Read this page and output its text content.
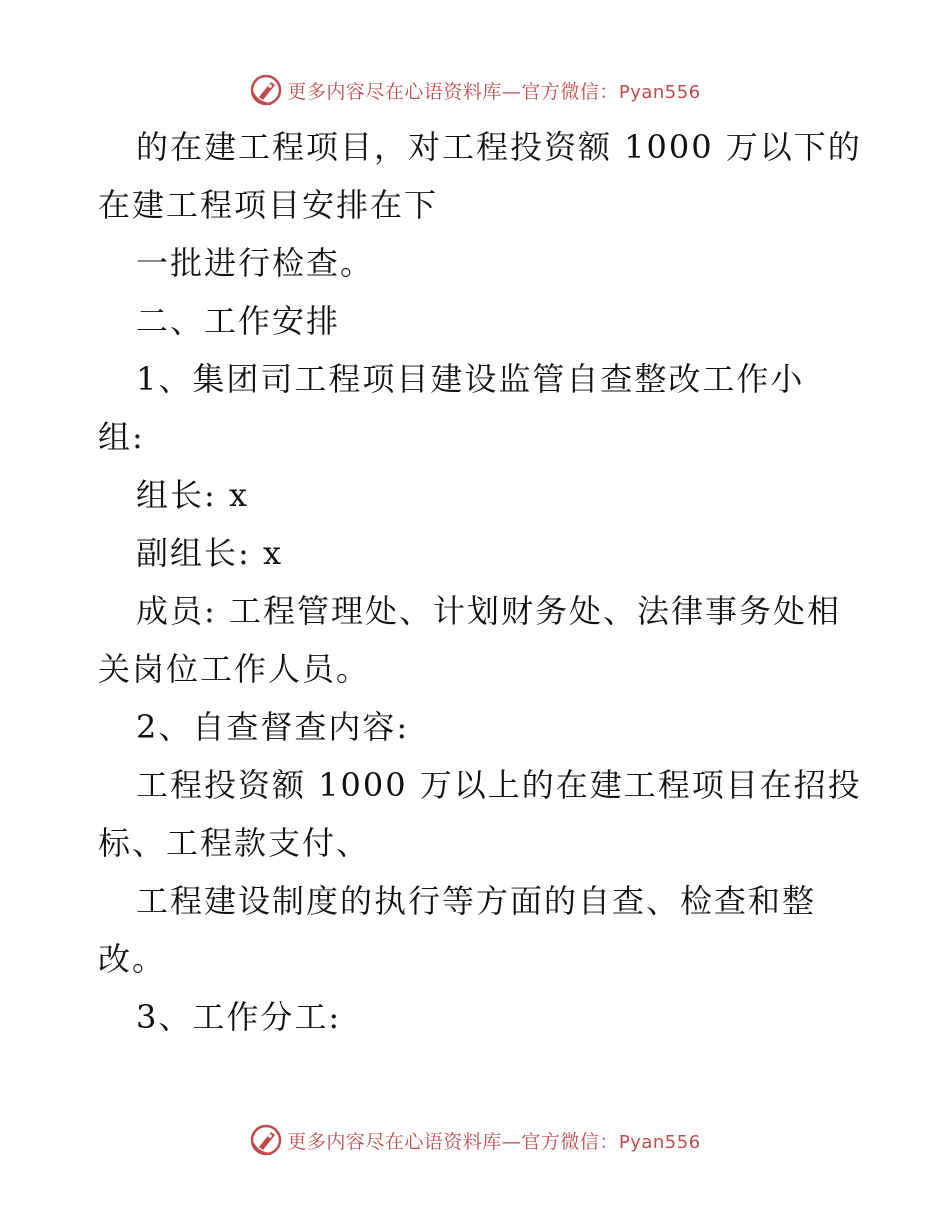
更多内容尽在心语资料库—官方微信：Pyan556
的在建工程项目，对工程投资额 1000 万以下的
在建工程项目安排在下
一批进行检查。
二、工作安排
1、集团司工程项目建设监管自查整改工作小
组:
组长: x
副组长: x
成员: 工程管理处、计划财务处、法律事务处相
关岗位工作人员。
2、自查督查内容:
工程投资额 1000 万以上的在建工程项目在招投
标、工程款支付、
工程建设制度的执行等方面的自查、检查和整
改。
3、工作分工:
更多内容尽在心语资料库—官方微信：Pyan556
